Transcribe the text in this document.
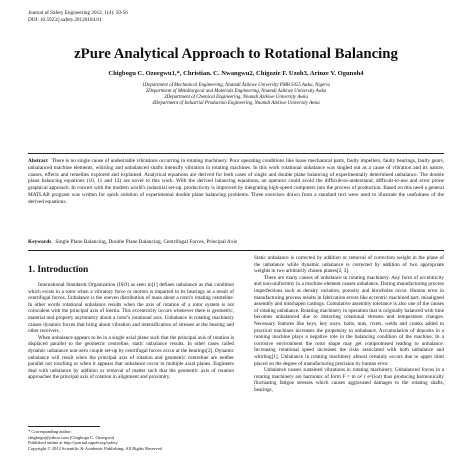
Journal of Safety Engineering 2012, 1(4): 50-56
DOI: 10.5923/j.safety.20120104.01
zPure Analytical Approach to Rotational Balancing
Chigbogu C. Ozoegwu1,*, Christian. C. Nwangwu2, Chigozie F. Uzoh3, Arinze V. Ogunoh4
1Department of Mechanical Engineering, Nnamdi Azikiwe University PMB 5025 Awka, Nigeria
2Department of Metallurgical and Materials Engineering, Nnamdi Azikiwe University Awka
3Department of Chemical Engineering, Nnamdi Azikiwe University Awka
4Department of Industrial Production Engineering, Nnamdi Azikiwe University Awka
Abstract There is no single cause of undesirable vibrations occurring in rotating machinery. Poor operating conditions like loose mechanical parts, faulty impellers, faulty bearings, faulty gears, unbalanced machine elements, whirling and unbalanced shafts intensify vibration in rotating machines. In this work rotational unbalance was singled out as a cause of vibration and its nature, causes, effects and remedies explored and explained. Analytical equations are derived for both cases of single and double plane balancing of experimentally determined unbalance. The double plane balancing equations (10, 11 and 12) are novel to this work. With the derived balancing equations, an operator could avoid the difficult-to-understand, difficult-to-use and error prone graphical approach. In concert with the modern world's industrial set-up, productivity is improved by integrating high-speed computers into the process of production. Based on this need a general MATLAB program was written for quick solution of experimental double plane balancing problems. Three exercises drawn from a standard text were used to illustrate the usefulness of the derived equations.
Keywords Single Plane Balancing, Double Plane Balancing, Centrifugal Forces, Principal Axis
1. Introduction

International Standards Organization (ISO) as seen in[1] defines unbalance as that condition which exists in a rotor when a vibratory force or motion is imparted to its bearings as a result of centrifugal forces. Unbalance is the uneven distribution of mass about a rotor's rotating centreline. In other words rotational unbalance results when the axis of rotation of a rotor system is not coincident with the principal axis of inertia. This eccentricity occurs whenever there is geometric, material and property asymmetry about a rotor's rotational axis. Unbalance in rotating machinery causes dynamic forces that bring about vibration and intensification of stresses at the bearing and other receivers.

When unbalance appears to be in a single axial plane such that the principal axis of rotation is displaced parallel to the geometric centreline, static unbalance results. In other cases called dynamic unbalance non-zero couple set-up by centrifugal forces occur at the bearings[2]. Dynamic unbalance will result when the principal axis of rotation and geometric centreline are neither parallel nor touching or when it appears that unbalance occur in multiple axial planes. Engineers deal with unbalance by addition or removal of matter such that the geometric axis of rotation approaches the principal axis of rotation in alignment and proximity.

Static unbalance is corrected by addition or removal of correction weight in the plane of the unbalance while dynamic unbalance is corrected by addition of two appropriate weights in two arbitrarily chosen planes[2, 3].

There are many causes of unbalance in rotating machinery. Any form of eccentricity and non-uniformity in a machine element causes unbalance. During manufacturing process imperfections such as density variation, porosity and blowholes occur. Human error in manufacturing process results in fabrication errors like eccentric machined part, misaligned assembly and misshapen castings. Cumulative assembly tolerance is also one of the causes of rotating unbalance. Rotating machinery in operation that is originally balanced with time becomes unbalanced due to distorting rotational stresses and temperature changes. Necessary features like keys, key ways, bolts, nuts, rivets, welds and cranks added to practical machines increases the propensity to unbalance. Accumulation of deposits in a running machine plays a negative role in the balancing condition of the machine. In a corrosive environment the rotor shape may get compromised leading to unbalance. Increasing rotational speed increases the risks associated with both unbalance and whirling[1]. Unbalance in rotating machinery almost certainly occurs due to upper limit placed on the degree of manufacturing precision by human error.

Unbalance causes sustained vibrations in rotating machinery. Unbalanced forces in a rotating machinery are harmonic of form F = m ω² r e^(iωt) thus producing harmonically fluctuating fatigue stresses which causes aggravated damages to the rotating shafts, bearings,

* Corresponding author:
chigbogu@yahoo.com (Chigbogu C. Ozoegwu)
Published online at http://journal.sapub.org/safety
Copyright © 2012 Scientific & Academic Publishing. All Rights Reserved
